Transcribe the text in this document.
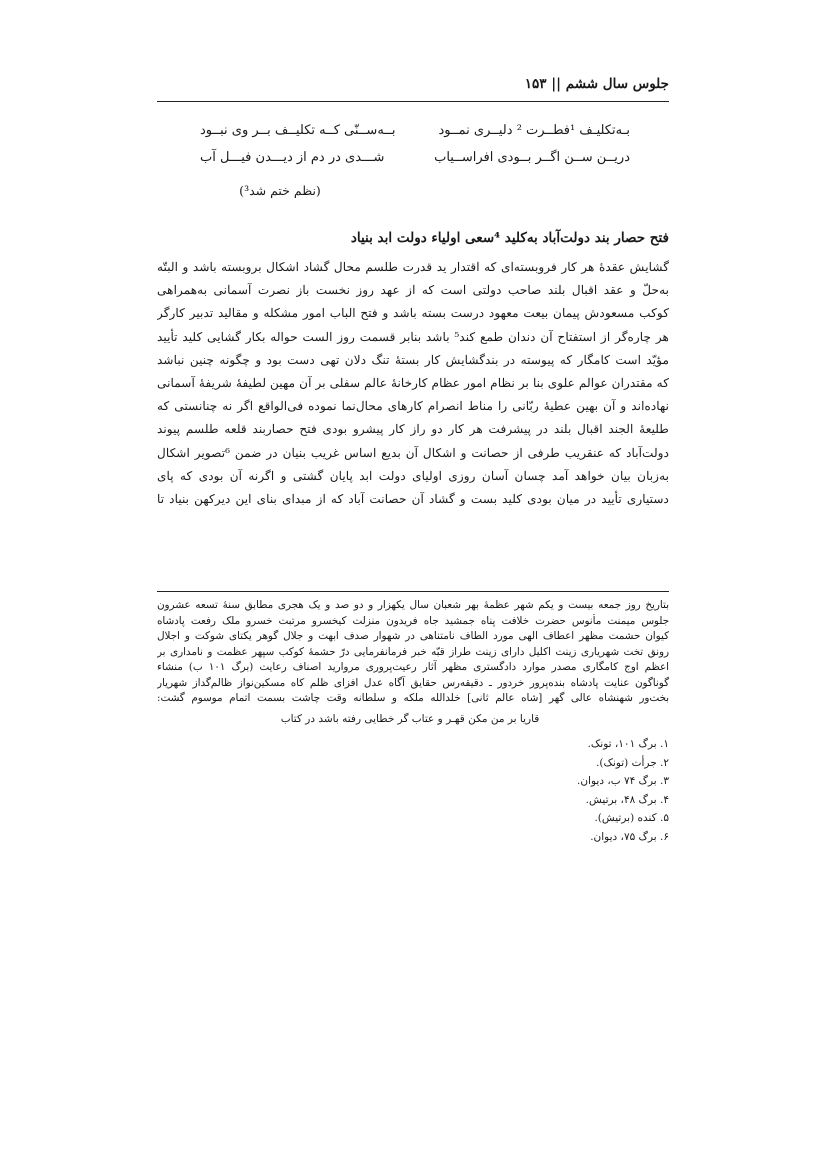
جلوس سال ششم || ۱۵۳
بـه‌تکلیـف ¹فطــرت ² دلیــری نمــود
بــه‌ســنّی کــه تکلیــف بــر وی نبــود
دریــن ســن اگــر بــودی افراســیاب
شـــدی در دم از دیـــدن فیـــل آب
(نظم ختم شد³)
فتح حصار بند دولت‌آباد به‌کلید ⁴سعی اولیاء دولت ابد بنیاد
گشایش عقدهٔ هر کار فروبسته‌ای که اقتدار ید قدرت طلسم محال گشاد اشکال بروبسته باشد و البتّه
به‌حلّ و عقد اقبال بلند صاحب دولتی است که از عهد روز نخست باز نصرت آسمانی به‌همراهی
کوکب مسعودش پیمان بیعت معهود درست بسته باشد و فتح الباب امور مشکله و مقالید تدبیر کارگر
هر چاره‌گر از استفتاح آن دندان طمع کند⁵ باشد بنابر قسمت روز الست حواله بکار گشایی کلید تأیید
مؤیّد است کامگار که پیوسته در بندگشایش کار بستهٔ تنگ دلان تهی دست بود و چگونه چنین نباشد
که مقتدران عوالم علوی بنا بر نظام امور عظام کارخانهٔ عالم سفلی بر آن مهین لطیفهٔ شریفهٔ آسمانی
نهاده‌اند و آن بهین عطیهٔ ربّانی را مناط انصرام کارهای محال‌نما نموده فی‌الواقع اگر نه چنانستی که
طلیعهٔ الجند اقبال بلند در پیشرفت هر کار دو راز کار پیشرو بودی فتح حصاربند قلعه طلسم پیوند
دولت‌آباد که عنقریب طرفی از حصانت و اشکال آن بدیع اساس غریب بنیان در ضمن ⁶تصویر اشکال
به‌زبان بیان خواهد آمد چسان آسان روزی اولیای دولت ابد پایان گشتی و اگرنه آن بودی که پای
دستیاری تأیید در میان بودی کلید بست و گشاد آن حصانت آباد که از مبدای بنای این دیرکهن بنیاد تا
بتاریخ روز جمعه بیست و یکم شهر عظمهٔ بهر شعبان سال یکهزار و دو صد و یک هجری مطابق سنهٔ تسعه عشرون
جلوس میمنت مأنوس حضرت خلافت پناه جمشید جاه فریدون منزلت کیخسرو مرتبت خسرو ملک رفعت پادشاه
کیوان حشمت مظهر اعطاف الهی مورد الطاف نامتناهی در شهوار صدف ابهت و جلال گوهر یکتای شوکت و اجلال
رونق تخت شهریاری زینت اکلیل دارای زینت طراز قبّه خبر فرمانفرمایی درّ حشمهٔ کوکب سپهر عظمت و نامداری بر
اعظم اوج کامگاری مصدر موارد دادگستری مظهر آثار رعیت‌پروری مرواريد اصناف رعایت (برگ ۱۰۱ ب) منشاء
گوناگون عنایت پادشاه بنده‌پرور خردور ـ دقیقه‌رس حقایق آگاه عدل افزای ظلم کاه مسکین‌نواز ظالم‌گداز شهریار
بخت‌ور شهنشاه عالی گهر [شاه عالم ثانی] خلدالله ملکه و سلطانه وقت چاشت بسمت اتمام موسوم گشت:
قاریا بر من مکن قهـر و عتاب گر خطایی رفته باشد در کتاب
۱. برگ ۱۰۱، تونک.
۲. جرأت (تونک).
۳. برگ ۷۴ ب، دیوان.
۴. برگ ۴۸، برتیش.
۵. کنده (برتیش).
۶. برگ ۷۵، دیوان.
